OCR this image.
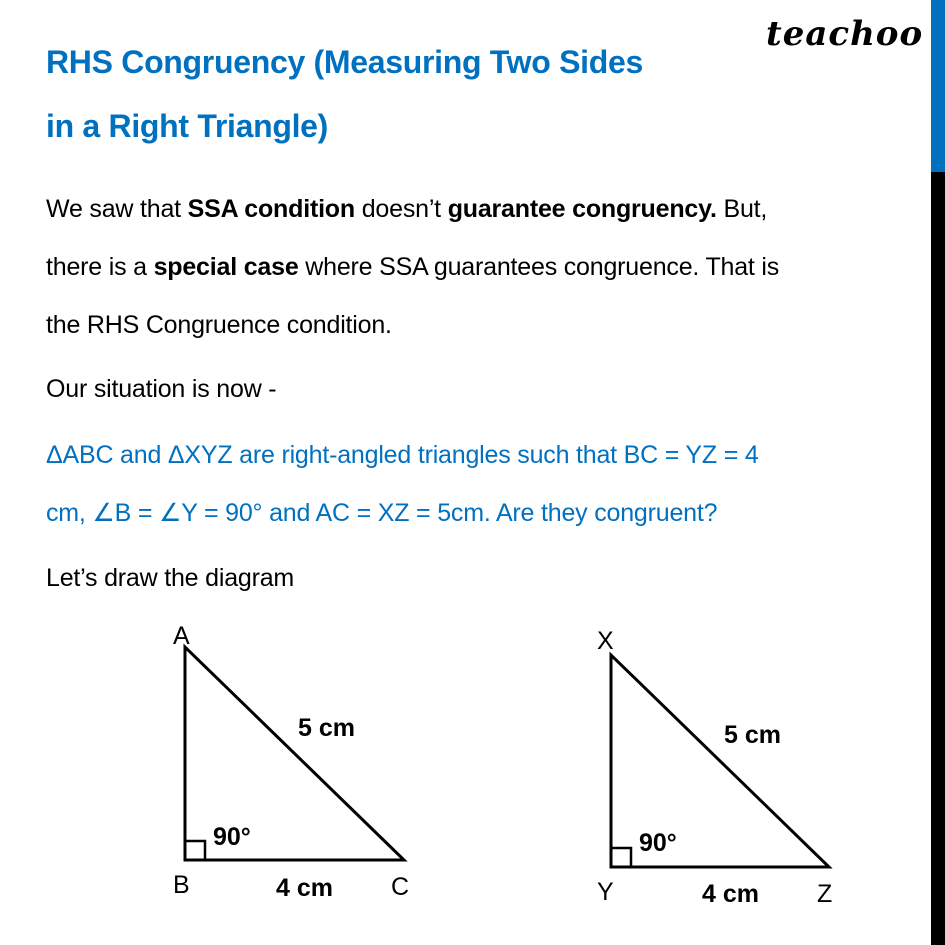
teachoo
RHS Congruency (Measuring Two Sides
in a Right Triangle)
We saw that SSA condition doesn’t guarantee congruency. But,
there is a special case where SSA guarantees congruence. That is
the RHS Congruence condition.
Our situation is now -
ΔABC and ΔXYZ are right-angled triangles such that BC = YZ = 4
cm, ∠B = ∠Y = 90° and AC = XZ = 5cm. Are they congruent?
Let’s draw the diagram
A
B	C
5 cm
4 cm
90°
X
Y	Z
5 cm
4 cm
90°
